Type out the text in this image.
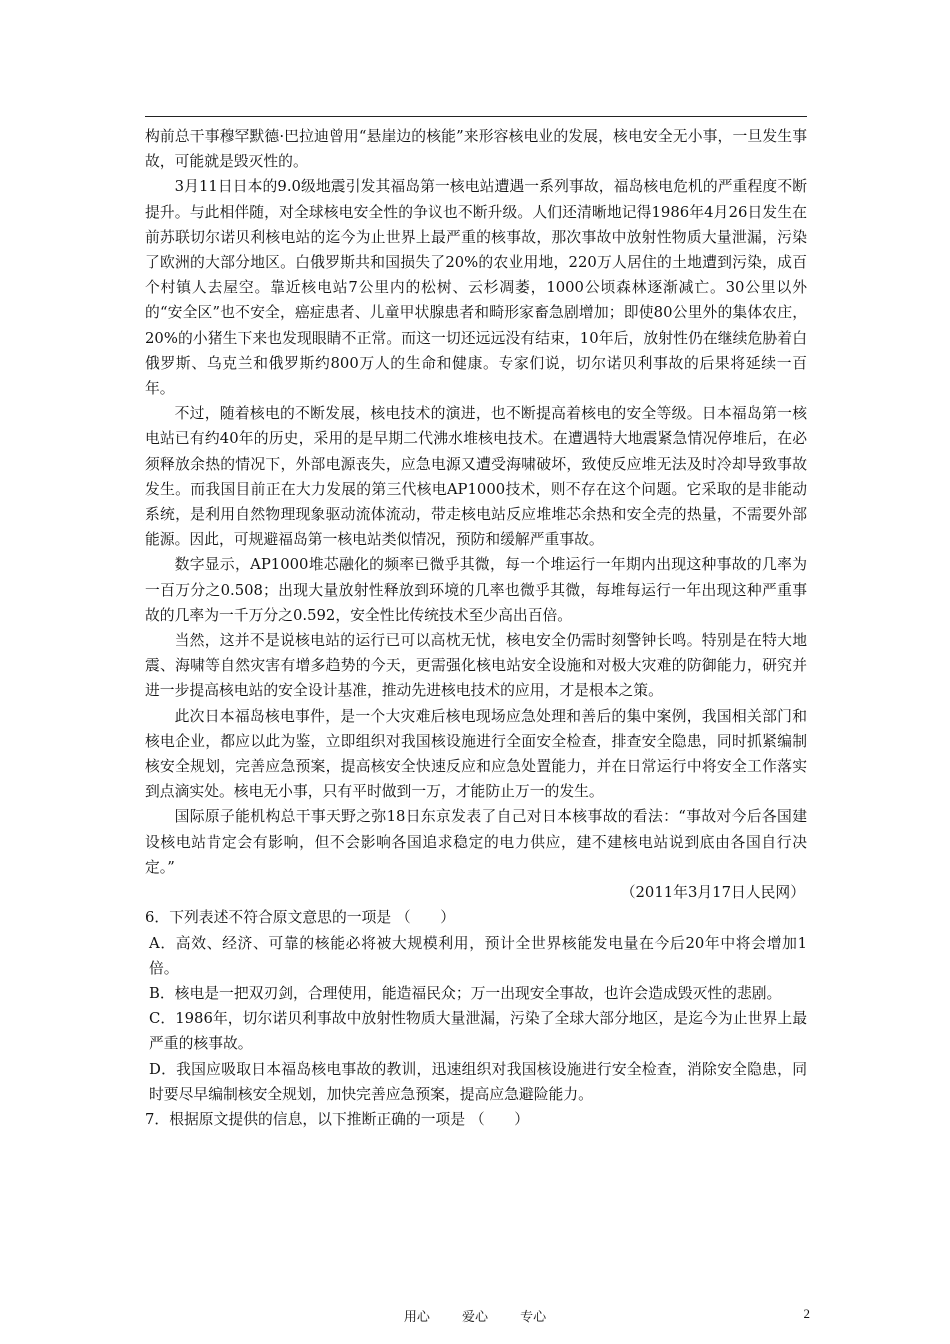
构前总干事穆罕默德·巴拉迪曾用“悬崖边的核能”来形容核电业的发展，核电安全无小事，一旦发生事故，可能就是毁灭性的。

3月11日日本的9.0级地震引发其福岛第一核电站遭遇一系列事故，福岛核电危机的严重程度不断提升。与此相伴随，对全球核电安全性的争议也不断升级。人们还清晰地记得1986年4月26日发生在前苏联切尔诺贝利核电站的迄今为止世界上最严重的核事故，那次事故中放射性物质大量泄漏，污染了欧洲的大部分地区。白俄罗斯共和国损失了20%的农业用地，220万人居住的土地遭到污染，成百个村镇人去屋空。靠近核电站7公里内的松树、云杉凋萎，1000公顷森林逐渐减亡。30公里以外的“安全区”也不安全，癌症患者、儿童甲状腺患者和畸形家畜急剧增加；即使80公里外的集体农庄，20%的小猪生下来也发现眼睛不正常。而这一切还远远没有结束，10年后，放射性仍在继续危胁着白俄罗斯、乌克兰和俄罗斯约800万人的生命和健康。专家们说，切尔诺贝利事故的后果将延续一百年。

不过，随着核电的不断发展，核电技术的演进，也不断提高着核电的安全等级。日本福岛第一核电站已有约40年的历史，采用的是早期二代沸水堆核电技术。在遭遇特大地震紧急情况停堆后，在必须释放余热的情况下，外部电源丧失，应急电源又遭受海啸破坏，致使反应堆无法及时冷却导致事故发生。而我国目前正在大力发展的第三代核电AP1000技术，则不存在这个问题。它采取的是非能动系统，是利用自然物理现象驱动流体流动，带走核电站反应堆堆芯余热和安全壳的热量，不需要外部能源。因此，可规避福岛第一核电站类似情况，预防和缓解严重事故。

数字显示，AP1000堆芯融化的频率已微乎其微，每一个堆运行一年期内出现这种事故的几率为一百万分之0.508；出现大量放射性释放到环境的几率也微乎其微，每堆每运行一年出现这种严重事故的几率为一千万分之0.592，安全性比传统技术至少高出百倍。

当然，这并不是说核电站的运行已可以高枕无忧，核电安全仍需时刻警钟长鸣。特别是在特大地震、海啸等自然灾害有增多趋势的今天，更需强化核电站安全设施和对极大灾难的防御能力，研究并进一步提高核电站的安全设计基准，推动先进核电技术的应用，才是根本之策。

此次日本福岛核电事件，是一个大灾难后核电现场应急处理和善后的集中案例，我国相关部门和核电企业，都应以此为鉴，立即组织对我国核设施进行全面安全检查，排查安全隐患，同时抓紧编制核安全规划，完善应急预案，提高核安全快速反应和应急处置能力，并在日常运行中将安全工作落实到点滴实处。核电无小事，只有平时做到一万，才能防止万一的发生。

国际原子能机构总干事天野之弥18日东京发表了自己对日本核事故的看法：“事故对今后各国建设核电站肯定会有影响，但不会影响各国追求稳定的电力供应，建不建核电站说到底由各国自行决定。”

（2011年3月17日人民网）

6．下列表述不符合原文意思的一项是 （　　）

A．高效、经济、可靠的核能必将被大规模利用，预计全世界核能发电量在今后20年中将会增加1倍。

B．核电是一把双刃剑，合理使用，能造福民众；万一出现安全事故，也许会造成毁灭性的悲剧。

C．1986年，切尔诺贝利事故中放射性物质大量泄漏，污染了全球大部分地区，是迄今为止世界上最严重的核事故。

D．我国应吸取日本福岛核电事故的教训，迅速组织对我国核设施进行安全检查，消除安全隐患，同时要尽早编制核安全规划，加快完善应急预案，提高应急避险能力。

7．根据原文提供的信息，以下推断正确的一项是 （　　）

用心 爱心 专心	2
